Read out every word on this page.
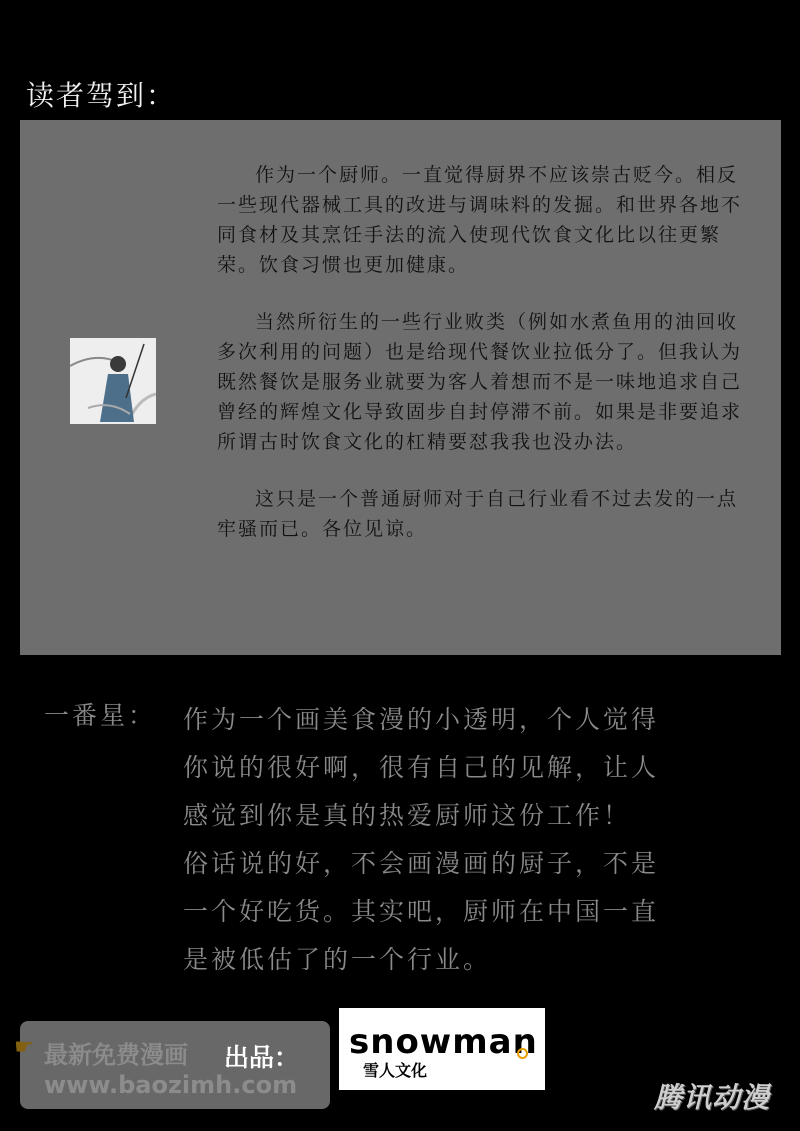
读者驾到：

作为一个厨师。一直觉得厨界不应该崇古贬今。相反一些现代器械工具的改进与调味料的发掘。和世界各地不同食材及其烹饪手法的流入使现代饮食文化比以往更繁荣。饮食习惯也更加健康。

当然所衍生的一些行业败类（例如水煮鱼用的油回收多次利用的问题）也是给现代餐饮业拉低分了。但我认为既然餐饮是服务业就要为客人着想而不是一味地追求自己曾经的辉煌文化导致固步自封停滞不前。如果是非要追求所谓古时饮食文化的杠精要怼我我也没办法。

这只是一个普通厨师对于自己行业看不过去发的一点牢骚而已。各位见谅。

一番星： 作为一个画美食漫的小透明，个人觉得

你说的很好啊，很有自己的见解，让人

感觉到你是真的热爱厨师这份工作！

俗话说的好，不会画漫画的厨子，不是

一个好吃货。其实吧，厨师在中国一直

是被低估了的一个行业。

☛ 最新免费漫画
www.baozimh.com
出品： snowman
雪人文化
腾讯动漫
